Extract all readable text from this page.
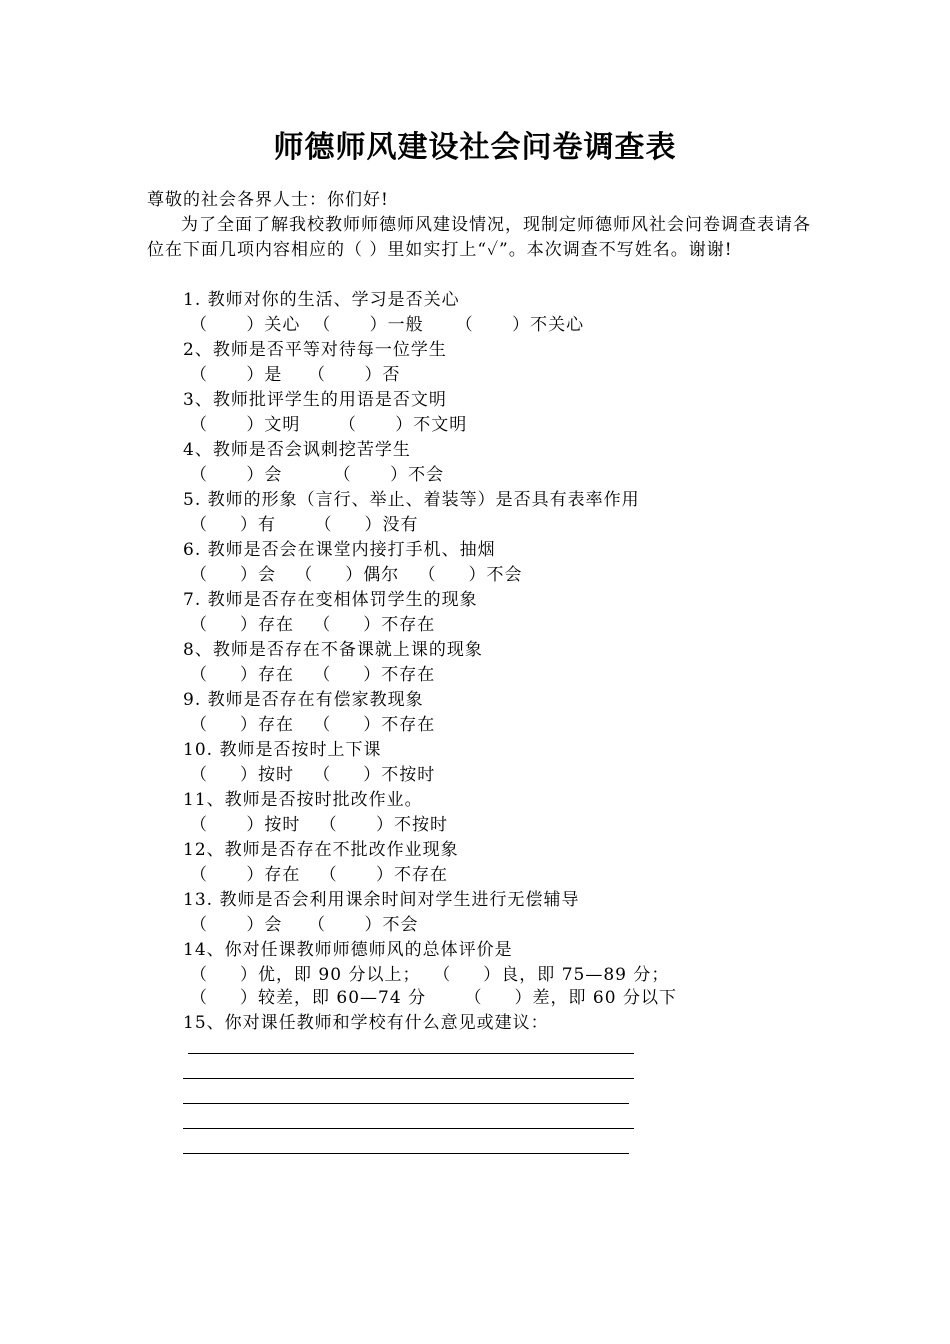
师德师风建设社会问卷调查表
尊敬的社会各界人士：你们好!
为了全面了解我校教师师德师风建设情况，现制定师德师风社会问卷调查表请各位在下面几项内容相应的（ ）里如实打上“✓”。本次调查不写姓名。谢谢!
1. 教师对你的生活、学习是否关心
（      ）关心  （      ）一般     （      ）不关心
2、教师是否平等对待每一位学生
（      ）是    （      ）否
3、教师批评学生的用语是否文明
（      ）文明      （      ）不文明
4、教师是否会讽刺挖苦学生
（      ）会        （      ）不会
5. 教师的形象（言行、举止、着装等）是否具有表率作用
（     ）有      （     ）没有
6. 教师是否会在课堂内接打手机、抽烟
（     ）会   （     ）偶尔   （     ）不会
7. 教师是否存在变相体罚学生的现象
（     ）存在   （     ）不存在
8、教师是否存在不备课就上课的现象
（     ）存在   （     ）不存在
9. 教师是否存在有偿家教现象
（     ）存在   （     ）不存在
10. 教师是否按时上下课
（     ）按时   （     ）不按时
11、教师是否按时批改作业。
（      ）按时   （      ）不按时
12、教师是否存在不批改作业现象
（      ）存在   （      ）不存在
13. 教师是否会利用课余时间对学生进行无偿辅导
（      ）会    （      ）不会
14、你对任课教师师德师风的总体评价是
（     ）优，即 90 分以上；  （     ）良，即 75—89 分；
（     ）较差，即 60—74 分      （     ）差，即 60 分以下
15、你对课任教师和学校有什么意见或建议：
